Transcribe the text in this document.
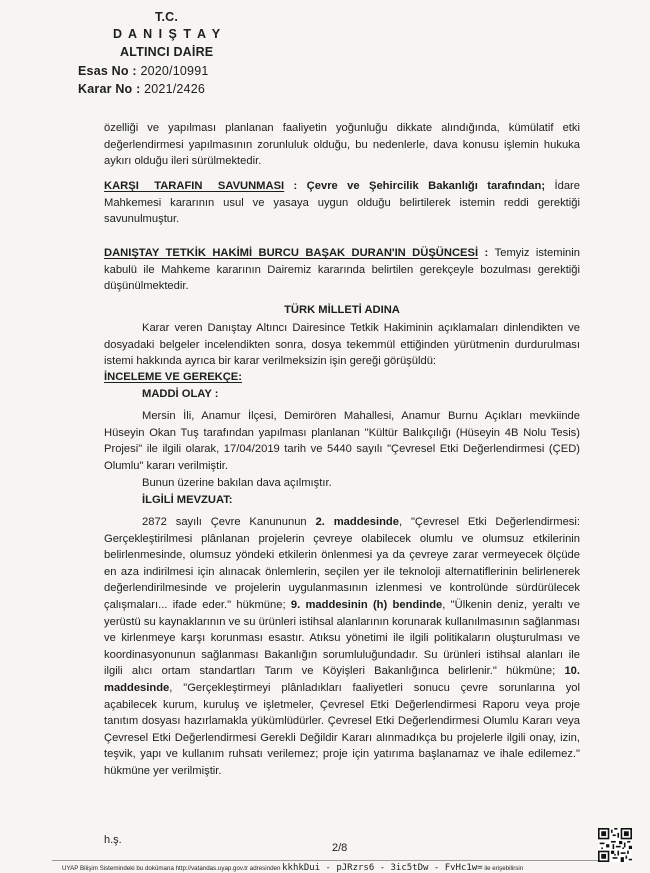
T.C.
D A N I Ş T A Y
ALTINCI DAİRE
Esas No : 2020/10991
Karar No : 2021/2426
özelliği ve yapılması planlanan faaliyetin yoğunluğu dikkate alındığında, kümülatif etki değerlendirmesi yapılmasının zorunluluk olduğu, bu nedenlerle, dava konusu işlemin hukuka aykırı olduğu ileri sürülmektedir.
KARŞI TARAFIN SAVUNMASI : Çevre ve Şehircilik Bakanlığı tarafından; İdare Mahkemesi kararının usul ve yasaya uygun olduğu belirtilerek istemin reddi gerektiği savunulmuştur.
DANIŞTAY TETKİK HAKİMİ BURCU BAŞAK DURAN'IN DÜŞÜNCESİ : Temyiz isteminin kabulü ile Mahkeme kararının Dairemiz kararında belirtilen gerekçeyle bozulması gerektiği düşünülmektedir.
TÜRK MİLLETİ ADINA
Karar veren Danıştay Altıncı Dairesince Tetkik Hakiminin açıklamaları dinlendikten ve dosyadaki belgeler incelendikten sonra, dosya tekemmül ettiğinden yürütmenin durdurulması istemi hakkında ayrıca bir karar verilmeksizin işin gereği görüşüldü:
İNCELEME VE GEREKÇE:
MADDİ OLAY :
Mersin İli, Anamur İlçesi, Demirören Mahallesi, Anamur Burnu Açıkları mevkiinde Hüseyin Okan Tuş tarafından yapılması planlanan "Kültür Balıkçılığı (Hüseyin 4B Nolu Tesis) Projesi" ile ilgili olarak, 17/04/2019 tarih ve 5440 sayılı "Çevresel Etki Değerlendirmesi (ÇED) Olumlu" kararı verilmiştir.
Bunun üzerine bakılan dava açılmıştır.
İLGİLİ MEVZUAT:
2872 sayılı Çevre Kanununun 2. maddesinde, "Çevresel Etki Değerlendirmesi: Gerçekleştirilmesi plânlanan projelerin çevreye olabilecek olumlu ve olumsuz etkilerinin belirlenmesinde, olumsuz yöndeki etkilerin önlenmesi ya da çevreye zarar vermeyecek ölçüde en aza indirilmesi için alınacak önlemlerin, seçilen yer ile teknoloji alternatiflerinin belirlenerek değerlendirilmesinde ve projelerin uygulanmasının izlenmesi ve kontrolünde sürdürülecek çalışmaları... ifade eder." hükmüne; 9. maddesinin (h) bendinde, "Ülkenin deniz, yeraltı ve yerüstü su kaynaklarının ve su ürünleri istihsal alanlarının korunarak kullanılmasının sağlanması ve kirlenmeye karşı korunması esastır. Atıksu yönetimi ile ilgili politikaların oluşturulması ve koordinasyonunun sağlanması Bakanlığın sorumluluğundadır. Su ürünleri istihsal alanları ile ilgili alıcı ortam standartları Tarım ve Köyişleri Bakanlığınca belirlenir." hükmüne; 10. maddesinde, "Gerçekleştirmeyi plânladıkları faaliyetleri sonucu çevre sorunlarına yol açabilecek kurum, kuruluş ve işletmeler, Çevresel Etki Değerlendirmesi Raporu veya proje tanıtım dosyası hazırlamakla yükümlüdürler. Çevresel Etki Değerlendirmesi Olumlu Kararı veya Çevresel Etki Değerlendirmesi Gerekli Değildir Kararı alınmadıkça bu projelerle ilgili onay, izin, teşvik, yapı ve kullanım ruhsatı verilemez; proje için yatırıma başlanamaz ve ihale edilemez." hükmüne yer verilmiştir.
h.ş.
2/8
UYAP Bilişim Sistemindeki bu dokümana http://vatandas.uyap.gov.tr adresinden kkhkDui - pJRzrs6 - 3ic5tDw - FvHc1w= ile erişebilirsin
